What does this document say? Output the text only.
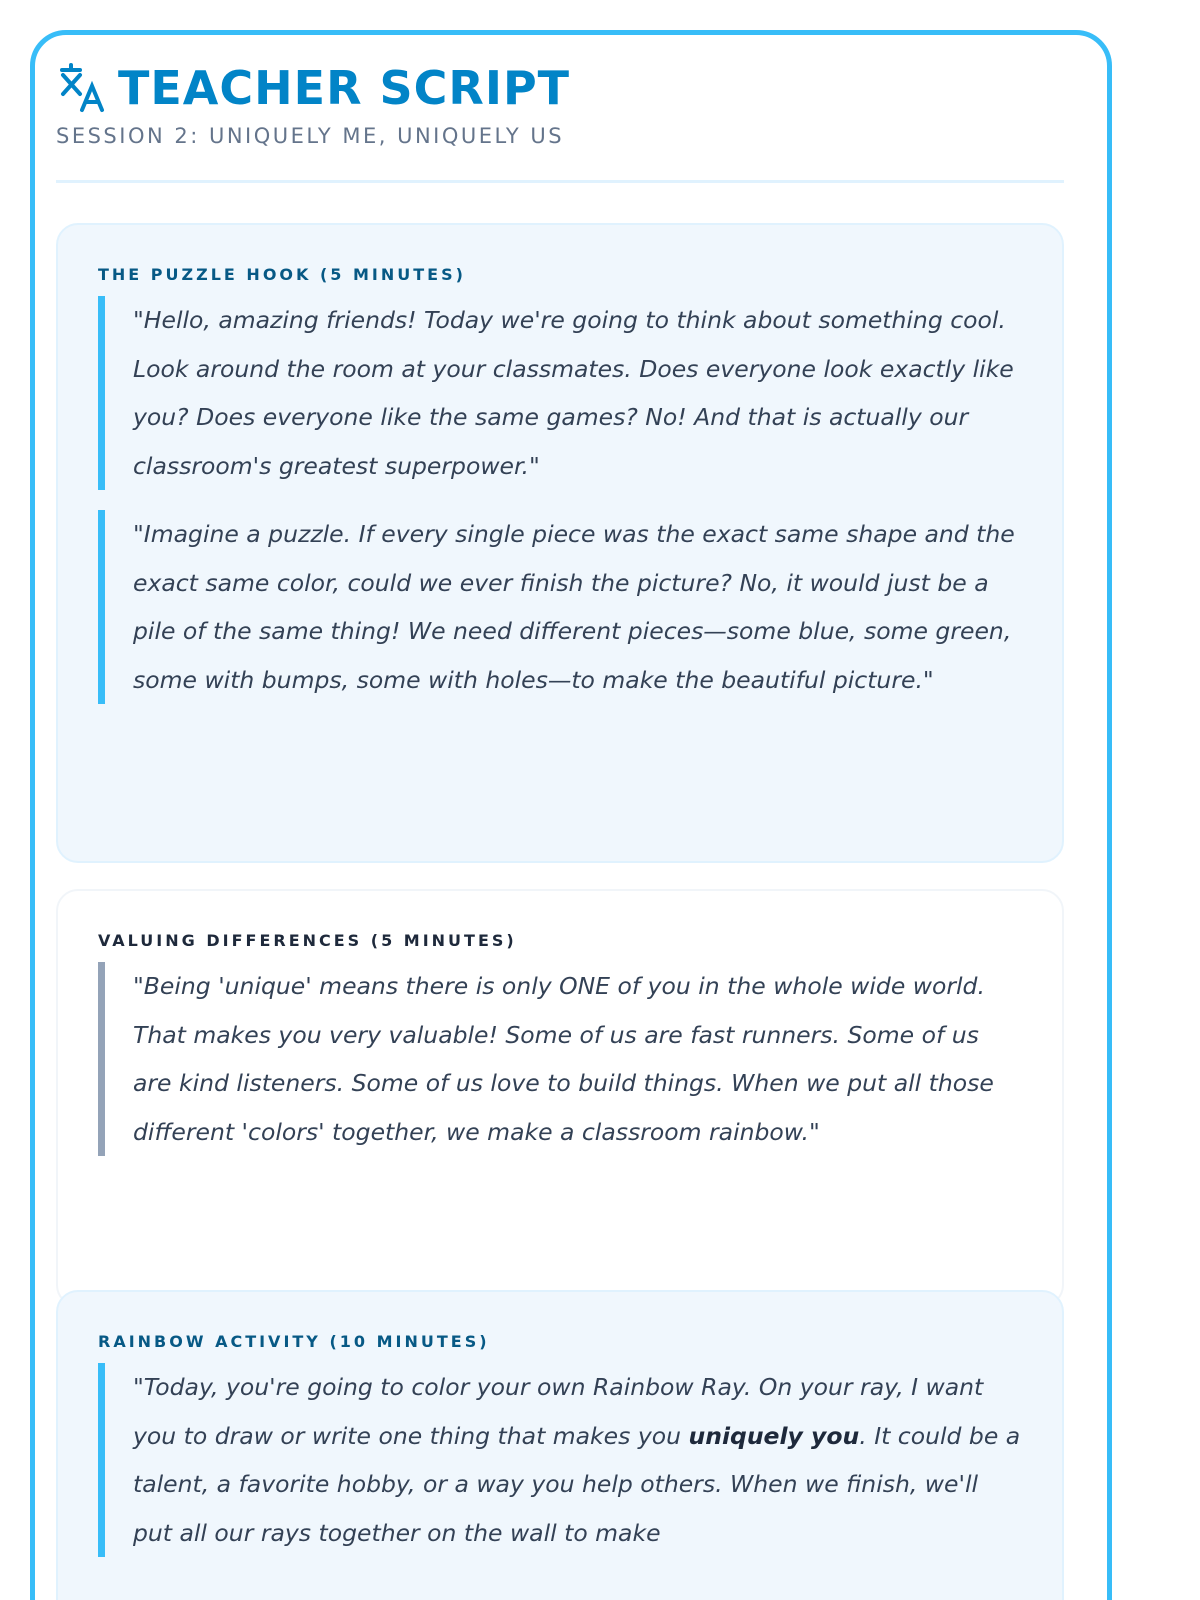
TEACHER SCRIPT
SESSION 2: UNIQUELY ME, UNIQUELY US
THE PUZZLE HOOK (5 MINUTES)

"Hello, amazing friends! Today we're going to think about something cool. Look around the room at your classmates. Does everyone look exactly like you? Does everyone like the same games? No! And that is actually our classroom's greatest superpower."

"Imagine a puzzle. If every single piece was the exact same shape and the exact same color, could we ever finish the picture? No, it would just be a pile of the same thing! We need different pieces—some blue, some green, some with bumps, some with holes—to make the beautiful picture."

VALUING DIFFERENCES (5 MINUTES)

"Being 'unique' means there is only ONE of you in the whole wide world. That makes you very valuable! Some of us are fast runners. Some of us are kind listeners. Some of us love to build things. When we put all those different 'colors' together, we make a classroom rainbow."

RAINBOW ACTIVITY (10 MINUTES)

"Today, you're going to color your own Rainbow Ray. On your ray, I want you to draw or write one thing that makes you uniquely you. It could be a talent, a favorite hobby, or a way you help others. When we finish, we'll put all our rays together on the wall to make
